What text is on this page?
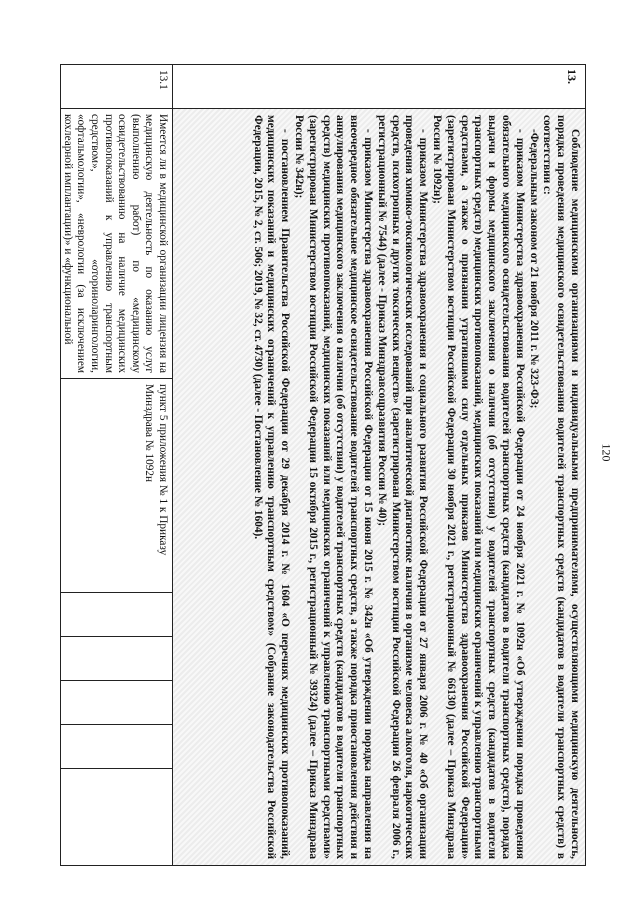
120
13.

Соблюдение медицинскими организациями и индивидуальными предпринимателями, осуществляющими медицинскую деятельность, порядка проведения медицинского освидетельствования водителей транспортных средств (кандидатов в водители транспортных средств) в соответствии с:

-Федеральным законом от 21 ноября 2011 г. № 323-ФЗ;

- приказом Министерства здравоохранения Российской Федерации от 24 ноября 2021 г. № 1092н «Об утверждении порядка проведения обязательного медицинского освидетельствования водителей транспортных средств (кандидатов в водители транспортных средств), порядка выдачи и формы медицинского заключения о наличии (об отсутствии) у водителей транспортных средств (кандидатов в водители транспортных средств) медицинских противопоказаний, медицинских показаний или медицинских ограничений к управлению транспортными средствами, а также о признании утратившими силу отдельных приказов Министерства здравоохранения Российской Федерации» (зарегистрирован Министерством юстиции Российской Федерации 30 ноября 2021 г., регистрационный № 66130) (далее – Приказ Минздрава России № 1092н);

- приказом Министерства здравоохранения и социального развития Российской Федерации от 27 января 2006 г. № 40 «Об организации проведения химико-токсикологических исследований при аналитической диагностике наличия в организме человека алкоголя, наркотических средств, психотропных и других токсических веществ» (зарегистрирован Министерством юстиции Российской Федерации 26 февраля 2006 г., регистрационный № 7544) (далее - Приказ Минздравсоцразвития России № 40);

- приказом Министерства здравоохранения Российской Федерации от 15 июня 2015 г. № 342н «Об утверждении порядка направления на внеочередное обязательное медицинское освидетельствование водителей транспортных средств, а также порядка приостановления действия и аннулирования медицинского заключения о наличии (об отсутствии) у водителей транспортных средств (кандидатов в водители транспортных средств) медицинских противопоказаний, медицинских показаний или медицинских ограничений к управлению транспортными средствами» (зарегистрирован Министерством юстиции Российской Федерации 15 октября 2015 г., регистрационный № 39324) (далее – Приказ Минздрава России № 342н);

- постановлением Правительства Российской Федерации от 29 декабря 2014 г. № 1604 «О перечнях медицинских противопоказаний, медицинских показаний и медицинских ограничений к управлению транспортным средством» (Собрание законодательства Российской Федерации, 2015, № 2, ст. 506; 2019, № 32, ст. 4730) (далее - Постановление № 1604).

13.1
Имеется ли в медицинской организации лицензия на медицинскую деятельность по оказанию услуг (выполнению работ) по «медицинскому освидетельствованию на наличие медицинских противопоказаний к управлению транспортным средством», «оториноларингологии, «офтальмологии», «неврологии (за исключением кохлеарной имплантации)» и «функциональной
пункт 5 приложения № 1 к Приказу Минздрава № 1092н
